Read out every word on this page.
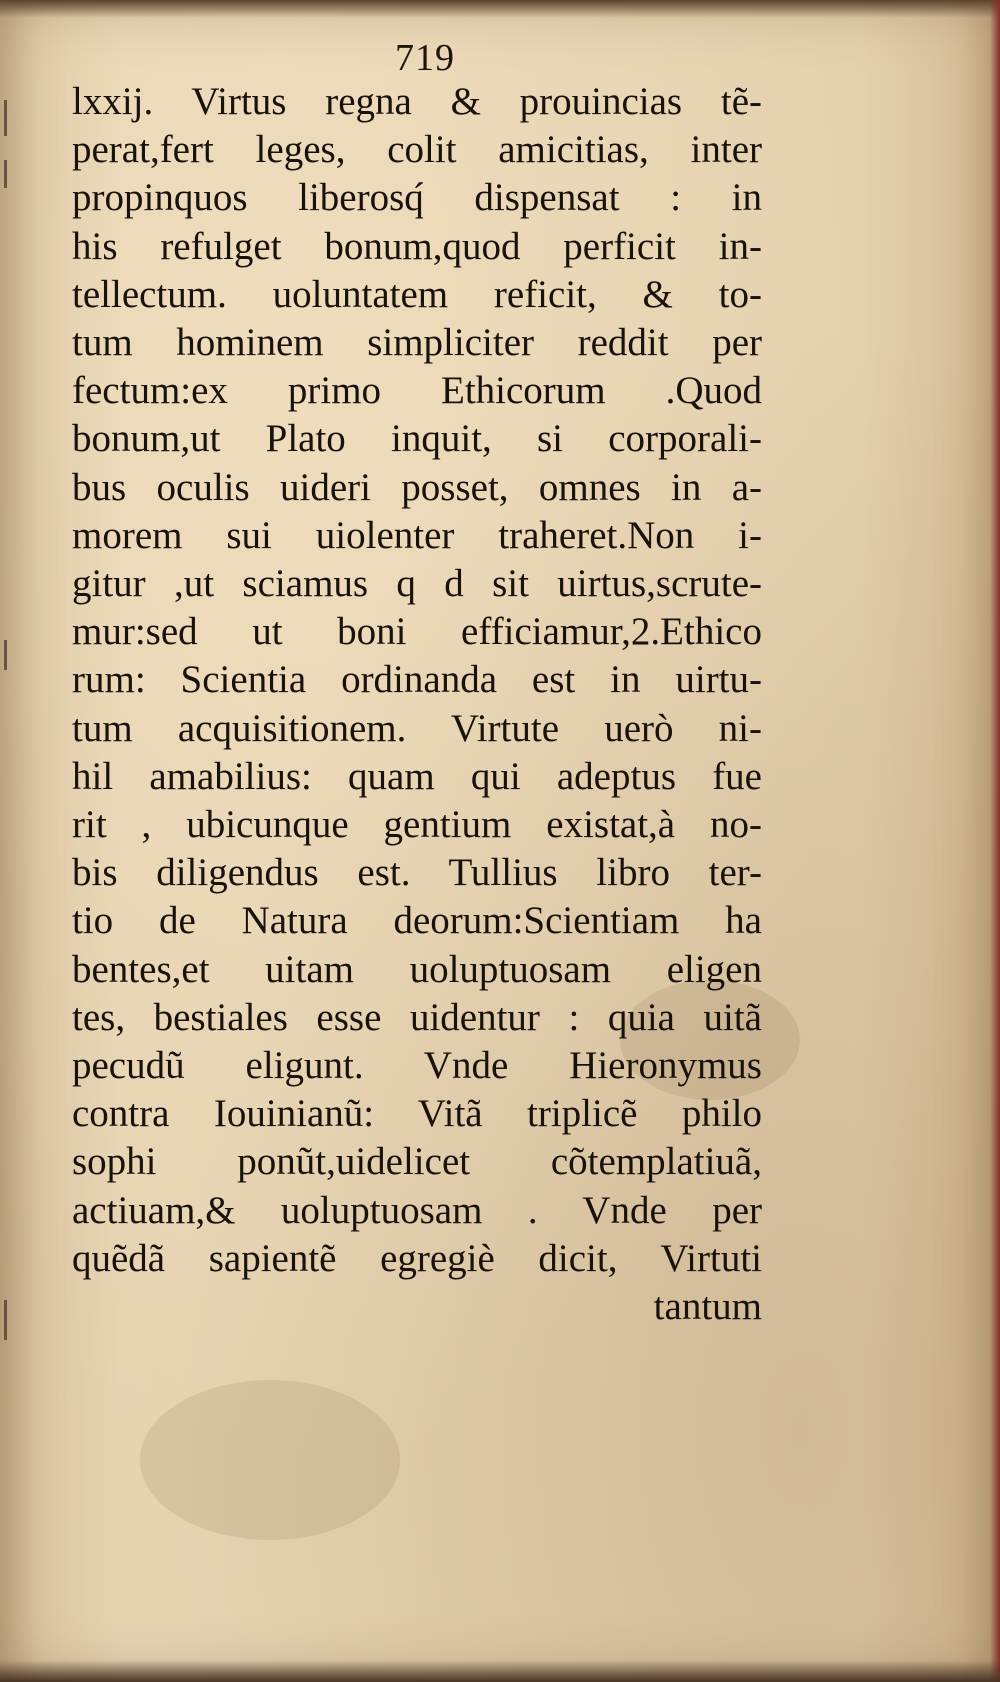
719
lxxij. Virtus regna & prouincias tẽ-
perat,fert leges, colit amicitias, inter
propinquos liberosq́ dispensat : in
his refulget bonum,quod perficit in-
tellectum. uoluntatem reficit, & to-
tum hominem simpliciter reddit per
fectum:ex primo Ethicorum .Quod
bonum,ut Plato inquit, si corporali-
bus oculis uideri posset, omnes in a-
morem sui uiolenter traheret.Non i-
gitur ,ut sciamus q d sit uirtus,scrute-
mur:sed ut boni efficiamur,2.Ethico
rum: Scientia ordinanda est in uirtu-
tum acquisitionem. Virtute uerò ni-
hil amabilius: quam qui adeptus fue
rit , ubicunque gentium existat,à no-
bis diligendus est. Tullius libro ter-
tio de Natura deorum:Scientiam ha
bentes,et uitam uoluptuosam eligen
tes, bestiales esse uidentur : quia uitã
pecudũ eligunt. Vnde Hieronymus
contra Iouinianũ: Vitã triplicẽ philo
sophi ponũt,uidelicet cõtemplatiuã,
actiuam,& uoluptuosam . Vnde per
quẽdã sapientẽ egregiè dicit, Virtuti
tantum
